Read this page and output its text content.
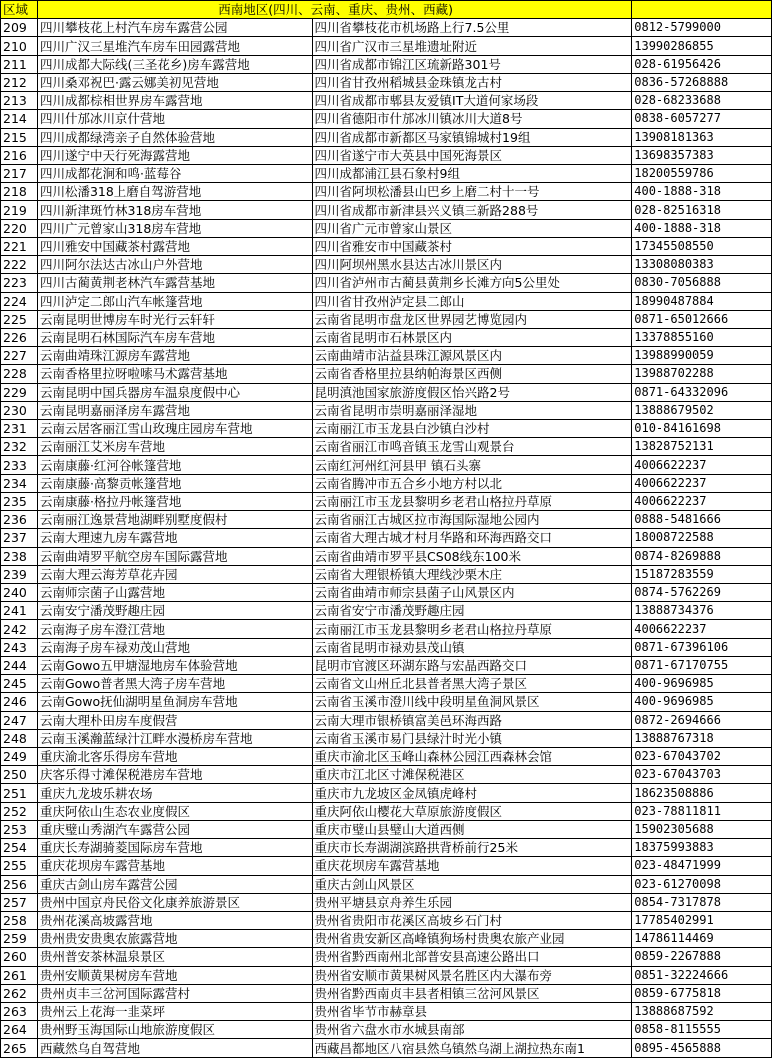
区域	西南地区(四川、云南、重庆、贵州、西藏)		
209	四川攀枝花上村汽车房车露营公园	四川省攀枝花市机场路上行7.5公里	0812-5799000
210	四川广汉三星堆汽车房车田园露营地	四川省广汉市三星堆遗址附近	13990286855
211	四川成都大际线(三圣花乡)房车露营地	四川省成都市锦江区琉新路301号	028-61956426
212	四川桑邓祝巴·露云娜美初见营地	四川省甘孜州稻城县金珠镇龙古村	0836-57268888
213	四川成都棕相世界房车露营地	四川省成都市郫县友爱镇IT大道何家场段	028-68233688
214	四川什邡冰川京什营地	四川省德阳市什邡冰川镇冰川大道8号	0838-6057277
215	四川成都绿湾亲子自然体验营地	四川省成都市新都区马家镇锦城村19组	13908181363
216	四川遂宁中天行死海露营地	四川省遂宁市大英县中国死海景区	13698357383
217	四川成都花涧和鸣·蓝莓谷	四川成都浦江县石象村9组	18200559786
218	四川松潘318上磨自驾游营地	四川省阿坝松潘县山巴乡上磨二村十一号	400-1888-318
219	四川新津斑竹林318房车营地	四川省成都市新津县兴义镇三新路288号	028-82516318
220	四川广元曾家山318房车营地	四川省广元市曾家山景区	400-1888-318
221	四川雅安中国藏茶村露营地	四川省雅安市中国藏茶村	17345508550
222	四川阿尔法达古冰山户外营地	四川阿坝州黑水县达古冰川景区内	13308080383
223	四川古蔺黄荆老林汽车露营基地	四川省泸州市古蔺县黄荆乡长滩方向5公里处	0830-7056888
224	四川泸定二郎山汽车帐篷营地	四川省甘孜州泸定县二郎山	18990487884
225	云南昆明世博房车时光行云轩轩	云南省昆明市盘龙区世界园艺博览园内	0871-65012666
226	云南昆明石林国际汽车房车营地	云南省昆明市石林景区内	13378855160
227	云南曲靖珠江源房车露营地	云南曲靖市沾益县珠江源风景区内	13988990059
228	云南香格里拉呀啦嗦马术露营基地	云南省香格里拉县纳帕海景区西侧	13988702288
229	云南昆明中国兵器房车温泉度假中心	昆明滇池国家旅游度假区怡兴路2号	0871-64332096
230	云南昆明嘉丽泽房车露营地	云南省昆明市崇明嘉丽泽湿地	13888679502
231	云南云居客丽江雪山玫瑰庄园房车营地	云南丽江市玉龙县白沙镇白沙村	010-84161698
232	云南丽江艾米房车营地	云南省丽江市鸣音镇玉龙雪山观景台	13828752131
233	云南康藤·红河谷帐篷营地	云南红河州红河县甲 镇石头寨	4006622237
234	云南康藤·高黎贡帐篷营地	云南省腾冲市五合乡小地方村以北	4006622237
235	云南康藤·格拉丹帐篷营地	云南丽江市玉龙县黎明乡老君山格拉丹草原	4006622237
236	云南丽江逸景营地湖畔别墅度假村	云南省丽江古城区拉市海国际湿地公园内	0888-5481666
237	云南大理速九房车露营地	云南省大理古城才村月华路和环海西路交口	18008722588
238	云南曲靖罗平航空房车国际露营地	云南省曲靖市罗平县CS08线东100米	0874-8269888
239	云南大理云海芳草花卉园	云南省大理银桥镇大理线沙栗木庄	15187283559
240	云南师宗菌子山露营地	云南省曲靖市师宗县菌子山风景区内	0874-5762269
241	云南安宁潘茂野趣庄园	云南省安宁市潘茂野趣庄园	13888734376
242	云南海子房车澄江营地	云南丽江市玉龙县黎明乡老君山格拉丹草原	4006622237
243	云南海子房车禄劝茂山营地	云南省昆明市禄劝县茂山镇	0871-67396106
244	云南Gowo五甲塘湿地房车体验营地	昆明市官渡区环湖东路与宏晶西路交口	0871-67170755
245	云南Gowo普者黑大湾子房车营地	云南省文山州丘北县普者黑大湾子景区	400-9696985
246	云南Gowo抚仙湖明星鱼洞房车营地	云南省玉溪市澄川线中段明星鱼洞风景区	400-9696985
247	云南大理朴田房车度假营	云南大理市银桥镇富美邑环海西路	0872-2694666
248	云南玉溪瀚蓝绿汁江畔水漫桥房车营地	云南省玉溪市易门县绿汁时光小镇	13888767318
249	重庆渝北客乐得房车营地	重庆市渝北区玉峰山森林公园江西森林会馆	023-67043702
250	庆客乐得寸滩保税港房车营地	重庆市江北区寸滩保税港区	023-67043703
251	重庆九龙坡乐耕农场	重庆市九龙坡区金凤镇虎峰村	18623508886
252	重庆阿依山生态农业度假区	重庆阿依山樱花大草原旅游度假区	023-78811811
253	重庆璧山秀湖汽车露营公园	重庆市璧山县璧山大道西侧	15902305688
254	重庆长寿湖骑菱国际房车营地	重庆市长寿湖湖滨路拱背桥前行25米	18375993883
255	重庆花坝房车露营基地	重庆花坝房车露营基地	023-48471999
256	重庆古剑山房车露营公园	重庆古剑山风景区	023-61270098
257	贵州中国京舟民俗文化康养旅游景区	贵州平塘县京舟养生乐园	0854-7317878
258	贵州花溪高坡露营地	贵州省贵阳市花溪区高坡乡石门村	17785402991
259	贵州贵安贵奥农旅露营地	贵州省贵安新区高峰镇狗场村贵奥农旅产业园	14786114469
260	贵州普安茶林温泉景区	贵州省黔西南州北部普安县高速公路出口	0859-2267888
261	贵州安顺黄果树房车营地	贵州省安顺市黄果树风景名胜区内大瀑布旁	0851-32224666
262	贵州贞丰三岔河国际露营村	贵州省黔西南贞丰县者相镇三岔河风景区	0859-6775818
263	贵州云上花海一韭菜坪	贵州省毕节市赫章县	13888687592
264	贵州野玉海国际山地旅游度假区	贵州省六盘水市水城县南部	0858-8115555
265	西藏然乌自驾营地	西藏昌都地区八宿县然乌镇然乌湖上湖拉热东南1	0895-4565888
